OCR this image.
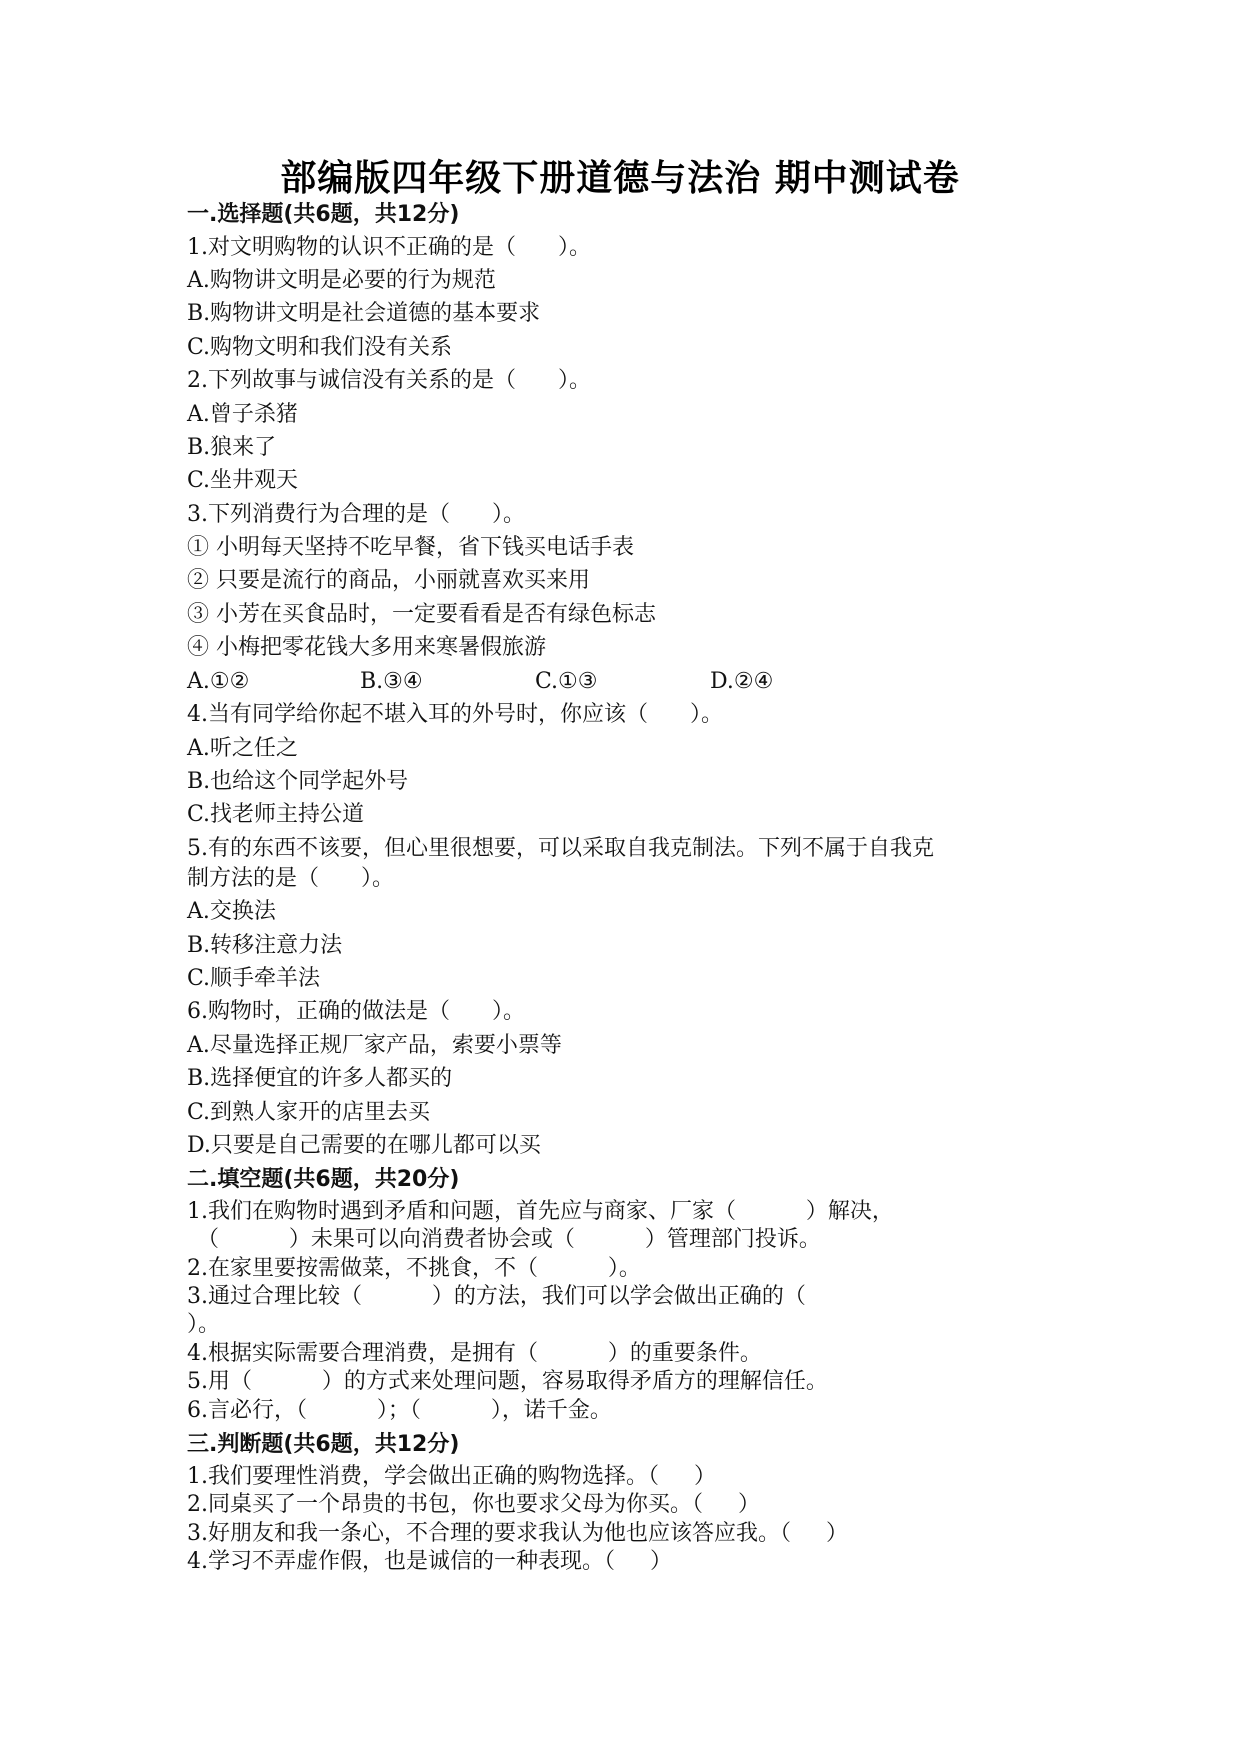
部编版四年级下册道德与法治 期中测试卷
一.选择题(共6题，共12分)
1.对文明购物的认识不正确的是（      ）。
A.购物讲文明是必要的行为规范
B.购物讲文明是社会道德的基本要求
C.购物文明和我们没有关系
2.下列故事与诚信没有关系的是（      ）。
A.曾子杀猪
B.狼来了
C.坐井观天
3.下列消费行为合理的是（      ）。
① 小明每天坚持不吃早餐，省下钱买电话手表
② 只要是流行的商品，小丽就喜欢买来用
③ 小芳在买食品时，一定要看看是否有绿色标志
④ 小梅把零花钱大多用来寒暑假旅游
A.①②	B.③④	C.①③	D.②④
4.当有同学给你起不堪入耳的外号时，你应该（      ）。
A.听之任之
B.也给这个同学起外号
C.找老师主持公道
5.有的东西不该要，但心里很想要，可以采取自我克制法。下列不属于自我克
制方法的是（      ）。
A.交换法
B.转移注意力法
C.顺手牵羊法
6.购物时，正确的做法是（      ）。
A.尽量选择正规厂家产品，索要小票等
B.选择便宜的许多人都买的
C.到熟人家开的店里去买
D.只要是自己需要的在哪儿都可以买
二.填空题(共6题，共20分)
1.我们在购物时遇到矛盾和问题，首先应与商家、厂家（          ）解决，
（          ）未果可以向消费者协会或（          ）管理部门投诉。
2.在家里要按需做菜，不挑食，不（          ）。
3.通过合理比较（          ）的方法，我们可以学会做出正确的（
）。
4.根据实际需要合理消费，是拥有（          ）的重要条件。
5.用（          ）的方式来处理问题，容易取得矛盾方的理解信任。
6.言必行，（          ）；（          ），诺千金。
三.判断题(共6题，共12分)
1.我们要理性消费，学会做出正确的购物选择。（     ）
2.同桌买了一个昂贵的书包，你也要求父母为你买。（     ）
3.好朋友和我一条心，不合理的要求我认为他也应该答应我。（     ）
4.学习不弄虚作假，也是诚信的一种表现。（     ）
